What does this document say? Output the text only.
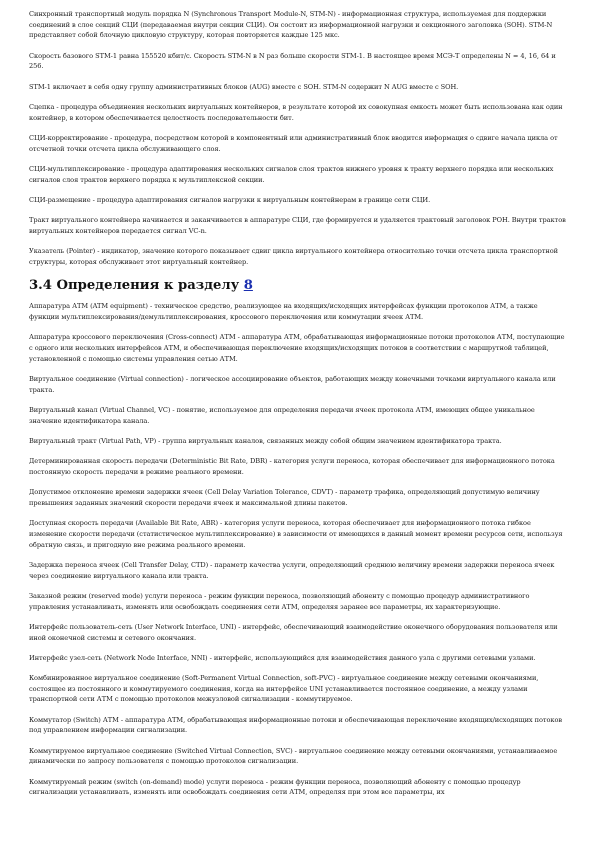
Синхронный транспортный модуль порядка N (Synchronous Transport Module-N, STM-N) - информационная структура, используемая для поддержки соединений в слое секций СЦИ (передаваемая внутри секции СЦИ). Он состоит из информационной нагрузки и секционного заголовка (SOH). STM-N представляет собой блочную цикловую структуру, которая повторяется каждые 125 мкс.

Скорость базового STM-1 равна 155520 кбит/с. Скорость STM-N в N раз больше скорости STM-1. В настоящее время МСЭ-Т определены N = 4, 16, 64 и 256.

STM-1 включает в себя одну группу административных блоков (AUG) вместе с SOH. STM-N содержит N AUG вместе с SOH.

Сцепка - процедура объединения нескольких виртуальных контейнеров, в результате которой их совокупная емкость может быть использована как один контейнер, в котором обеспечивается целостность последовательности бит.

СЦИ-корректирование - процедура, посредством которой в компонентный или административный блок вводится информация о сдвиге начала цикла от отсчетной точки отсчета цикла обслуживающего слоя.

СЦИ-мультиплексирование - процедура адаптирования нескольких сигналов слоя трактов нижнего уровня к тракту верхнего порядка или нескольких сигналов слоя трактов верхнего порядка к мультиплексной секции.

СЦИ-размещение - процедура адаптирования сигналов нагрузки к виртуальным контейнерам в границе сети СЦИ.

Тракт виртуального контейнера начинается и заканчивается в аппаратуре СЦИ, где формируется и удаляется трактовый заголовок POH. Внутри трактов виртуальных контейнеров передается сигнал VC-n.

Указатель (Pointer) - индикатор, значение которого показывает сдвиг цикла виртуального контейнера относительно точки отсчета цикла транспортной структуры, которая обслуживает этот виртуальный контейнер.

3.4 Определения к разделу 8

Аппаратура АТМ (ATM equipment) - техническое средство, реализующее на входящих/исходящих интерфейсах функции протоколов АТМ, а также функции мультиплексирования/демультиплексирования, кроссового переключения или коммутации ячеек АТМ.

Аппаратура кроссового переключения (Cross-connect) АТМ - аппаратура АТМ, обрабатывающая информационные потоки протоколов АТМ, поступающие с одного или нескольких интерфейсов АТМ, и обеспечивающая переключение входящих/исходящих потоков в соответствии с маршрутной таблицей, установленной с помощью системы управления сетью АТМ.

Виртуальное соединение (Virtual connection) - логическое ассоциирование объектов, работающих между конечными точками виртуального канала или тракта.

Виртуальный канал (Virtual Channel, VC) - понятие, используемое для определения передачи ячеек протокола АТМ, имеющих общее уникальное значение идентификатора канала.

Виртуальный тракт (Virtual Path, VP) - группа виртуальных каналов, связанных между собой общим значением идентификатора тракта.

Детерминированная скорость передачи (Deterministic Bit Rate, DBR) - категория услуги переноса, которая обеспечивает для информационного потока постоянную скорость передачи в режиме реального времени.

Допустимое отклонение времени задержки ячеек (Cell Delay Variation Tolerance, CDVT) - параметр трафика, определяющий допустимую величину превышения заданных значений скорости передачи ячеек и максимальной длины пакетов.

Доступная скорость передачи (Available Bit Rate, ABR) - категория услуги переноса, которая обеспечивает для информационного потока гибкое изменение скорости передачи (статистическое мультиплексирование) в зависимости от имеющихся в данный момент времени ресурсов сети, используя обратную связь, и пригодную вне режима реального времени.

Задержка переноса ячеек (Cell Transfer Delay, CTD) - параметр качества услуги, определяющий среднюю величину времени задержки переноса ячеек через соединение виртуального канала или тракта.

Заказной режим (reserved mode) услуги переноса - режим функции переноса, позволяющий абоненту с помощью процедур административного управления устанавливать, изменять или освобождать соединения сети АТМ, определяя заранее все параметры, их характеризующие.

Интерфейс пользователь-сеть (User Network Interface, UNI) - интерфейс, обеспечивающий взаимодействие оконечного оборудования пользователя или иной оконечной системы и сетевого окончания.

Интерфейс узел-сеть (Network Node Interface, NNI) - интерфейс, использующийся для взаимодействия данного узла с другими сетевыми узлами.

Комбинированное виртуальное соединение (Soft-Permanent Virtual Connection, soft-PVC) - виртуальное соединение между сетевыми окончаниями, состоящее из постоянного и коммутируемого соединения, когда на интерфейсе UNI устанавливается постоянное соединение, а между узлами транспортной сети АТМ с помощью протоколов межузловой сигнализации - коммутируемое.

Коммутатор (Switch) АТМ - аппаратура АТМ, обрабатывающая информационные потоки и обеспечивающая переключение входящих/исходящих потоков под управлением информации сигнализации.

Коммутируемое виртуальное соединение (Switched Virtual Connection, SVC) - виртуальное соединение между сетевыми окончаниями, устанавливаемое динамически по запросу пользователя с помощью протоколов сигнализации.

Коммутируемый режим (switch (on-demand) mode) услуги переноса - режим функции переноса, позволяющий абоненту с помощью процедур сигнализации устанавливать, изменять или освобождать соединения сети АТМ, определяя при этом все параметры, их
